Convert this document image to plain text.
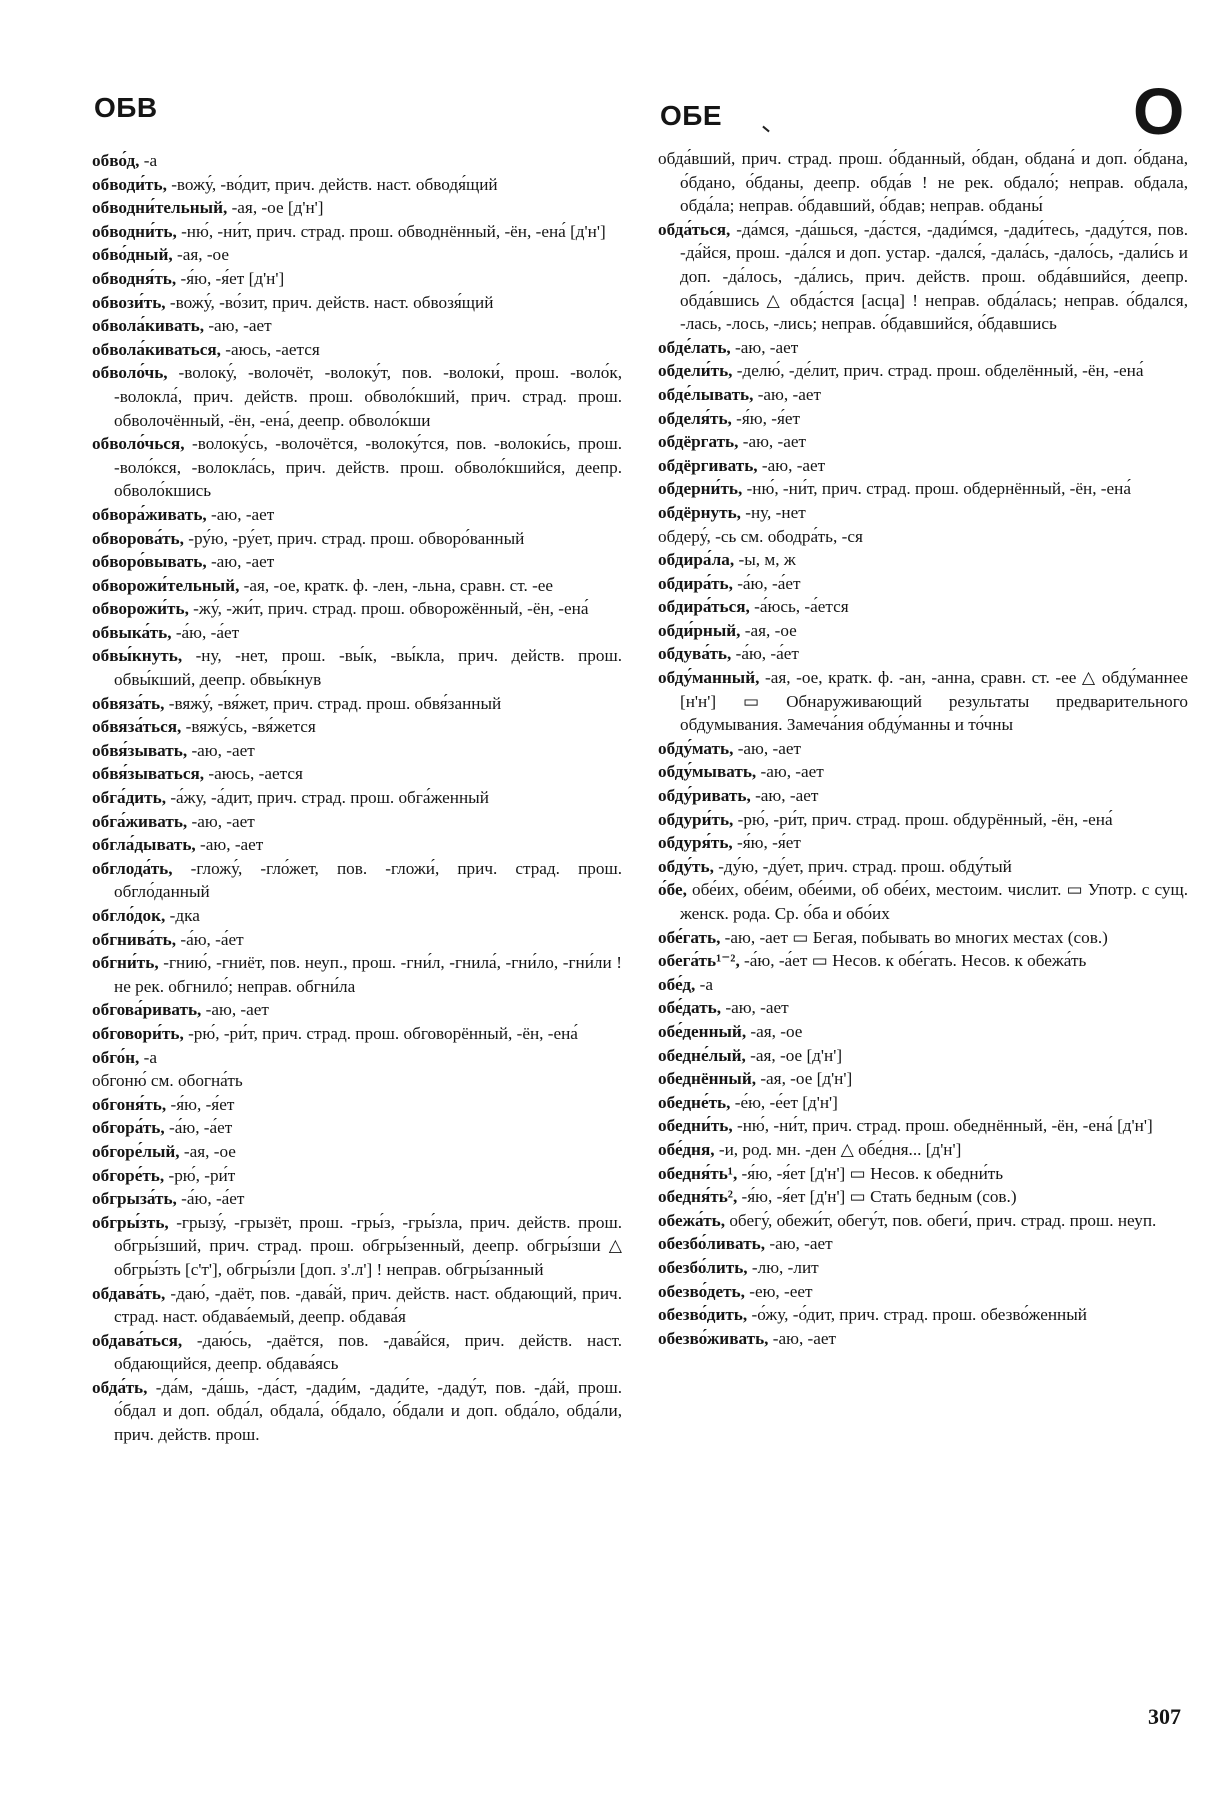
ОБВ	ОБЕ	О

обво́д, -а

обводи́ть, -вожу́, -во́дит, прич. действ. наст. обводя́щий

обводни́тельный, -ая, -ое [д'н']

обводни́ть, -ню́, -ни́т, прич. страд. прош. обводнённый, -ён, -ена́ [д'н']

обво́дный, -ая, -ое

обводня́ть, -я́ю, -я́ет [д'н']

обвози́ть, -вожу́, -во́зит, прич. действ. наст. обвозя́щий

обвола́кивать, -аю, -ает

обвола́киваться, -аюсь, -ается

обволо́чь, -волоку́, -волочёт, -волоку́т, пов. -волоки́, прош. -воло́к, -волокла́, прич. действ. прош. обволо́кший, прич. страд. прош. обволочённый, -ён, -ена́, деепр. обволо́кши

обволо́чься, -волоку́сь, -волочётся, -волоку́тся, пов. -волоки́сь, прош. -воло́кся, -волокла́сь, прич. действ. прош. обволо́кшийся, деепр. обволо́кшись

обвора́живать, -аю, -ает

обворова́ть, -ру́ю, -ру́ет, прич. страд. прош. обворо́ванный

обворо́вывать, -аю, -ает

обворожи́тельный, -ая, -ое, кратк. ф. -лен, -льна, сравн. ст. -ее

обворожи́ть, -жу́, -жи́т, прич. страд. прош. обворожённый, -ён, -ена́

обвыка́ть, -а́ю, -а́ет

обвы́кнуть, -ну, -нет, прош. -вы́к, -вы́кла, прич. действ. прош. обвы́кший, деепр. обвы́кнув

обвяза́ть, -вяжу́, -вя́жет, прич. страд. прош. обвя́занный

обвяза́ться, -вяжу́сь, -вя́жется

обвя́зывать, -аю, -ает

обвя́зываться, -аюсь, -ается

обга́дить, -а́жу, -а́дит, прич. страд. прош. обга́женный

обга́живать, -аю, -ает

обгла́дывать, -аю, -ает

обглода́ть, -гложу́, -гло́жет, пов. -гложи́, прич. страд. прош. обгло́данный

обгло́док, -дка

обгнива́ть, -а́ю, -а́ет

обгни́ть, -гнию́, -гниёт, пов. неуп., прош. -гни́л, -гнила́, -гни́ло, -гни́ли ! не рек. обгнило́; неправ. обгни́ла

обгова́ривать, -аю, -ает

обговори́ть, -рю́, -ри́т, прич. страд. прош. обговорённый, -ён, -ена́

обго́н, -а

обгоню́ см. обогна́ть

обгоня́ть, -я́ю, -я́ет

обгора́ть, -а́ю, -а́ет

обгоре́лый, -ая, -ое

обгоре́ть, -рю́, -ри́т

обгрыза́ть, -а́ю, -а́ет

обгры́зть, -грызу́, -грызёт, прош. -гры́з, -гры́зла, прич. действ. прош. обгры́зший, прич. страд. прош. обгры́зенный, деепр. обгры́зши △ обгры́зть [с'т'], обгры́зли [доп. з'.л'] ! неправ. обгры́занный

обдава́ть, -даю́, -даёт, пов. -дава́й, прич. действ. наст. обдающий, прич. страд. наст. обдава́емый, деепр. обдава́я

обдава́ться, -даю́сь, -даётся, пов. -дава́йся, прич. действ. наст. обдающийся, деепр. обдава́ясь

обда́ть, -да́м, -да́шь, -да́ст, -дади́м, -дади́те, -даду́т, пов. -да́й, прош. о́бдал и доп. обда́л, обдала́, о́бдало, о́бдали и доп. обда́ло, обда́ли, прич. действ. прош.

обда́вший, прич. страд. прош. о́бданный, о́бдан, обдана́ и доп. о́бдана, о́бдано, о́бданы, деепр. обда́в ! не рек. обдало́; неправ. обдала, обда́ла; неправ. о́бдавший, о́бдав; неправ. обданы́

обда́ться, -да́мся, -да́шься, -да́стся, -дади́мся, -дади́тесь, -даду́тся, пов. -да́йся, прош. -да́лся и доп. устар. -дался́, -дала́сь, -дало́сь, -дали́сь и доп. -да́лось, -да́лись, прич. действ. прош. обда́вшийся, деепр. обда́вшись △ обда́стся [асца] ! неправ. обда́лась; неправ. о́бдался, -лась, -лось, -лись; неправ. о́бдавшийся, о́бдавшись

обде́лать, -аю, -ает

обдели́ть, -делю́, -де́лит, прич. страд. прош. обделённый, -ён, -ена́

обде́лывать, -аю, -ает

обделя́ть, -я́ю, -я́ет

обдёргать, -аю, -ает

обдёргивать, -аю, -ает

обдерни́ть, -ню́, -ни́т, прич. страд. прош. обдернённый, -ён, -ена́

обдёрнуть, -ну, -нет

обдеру́, -сь см. ободра́ть, -ся

обдира́ла, -ы, м, ж

обдира́ть, -а́ю, -а́ет

обдира́ться, -а́юсь, -а́ется

обди́рный, -ая, -ое

обдува́ть, -а́ю, -а́ет

обду́манный, -ая, -ое, кратк. ф. -ан, -анна, сравн. ст. -ее △ обду́маннее [н'н'] ▭ Обнаруживающий результаты предварительного обдумывания. Замеча́ния обду́манны и то́чны

обду́мать, -аю, -ает

обду́мывать, -аю, -ает

обду́ривать, -аю, -ает

обдури́ть, -рю́, -ри́т, прич. страд. прош. обдурённый, -ён, -ена́

обдуря́ть, -я́ю, -я́ет

обду́ть, -ду́ю, -ду́ет, прич. страд. прош. обду́тый

о́бе, обе́их, обе́им, обе́ими, об обе́их, местоим. числит. ▭ Употр. с сущ. женск. рода. Ср. о́ба и обо́их

обе́гать, -аю, -ает ▭ Бегая, побывать во многих местах (сов.)

обега́ть¹⁻², -а́ю, -а́ет ▭ Несов. к обе́гать. Несов. к обежа́ть

обе́д, -а

обе́дать, -аю, -ает

обе́денный, -ая, -ое

обедне́лый, -ая, -ое [д'н']

обеднённый, -ая, -ое [д'н']

обедне́ть, -е́ю, -е́ет [д'н']

обедни́ть, -ню́, -ни́т, прич. страд. прош. обеднённый, -ён, -ена́ [д'н']

обе́дня, -и, род. мн. -ден △ обе́дня... [д'н']

обедня́ть¹, -я́ю, -я́ет [д'н'] ▭ Несов. к обедни́ть

обедня́ть², -я́ю, -я́ет [д'н'] ▭ Стать бедным (сов.)

обежа́ть, обегу́, обежи́т, обегу́т, пов. обеги́, прич. страд. прош. неуп.

обезбо́ливать, -аю, -ает

обезбо́лить, -лю, -лит

обезво́деть, -ею, -еет

обезво́дить, -о́жу, -о́дит, прич. страд. прош. обезво́женный

обезво́живать, -аю, -ает

307
